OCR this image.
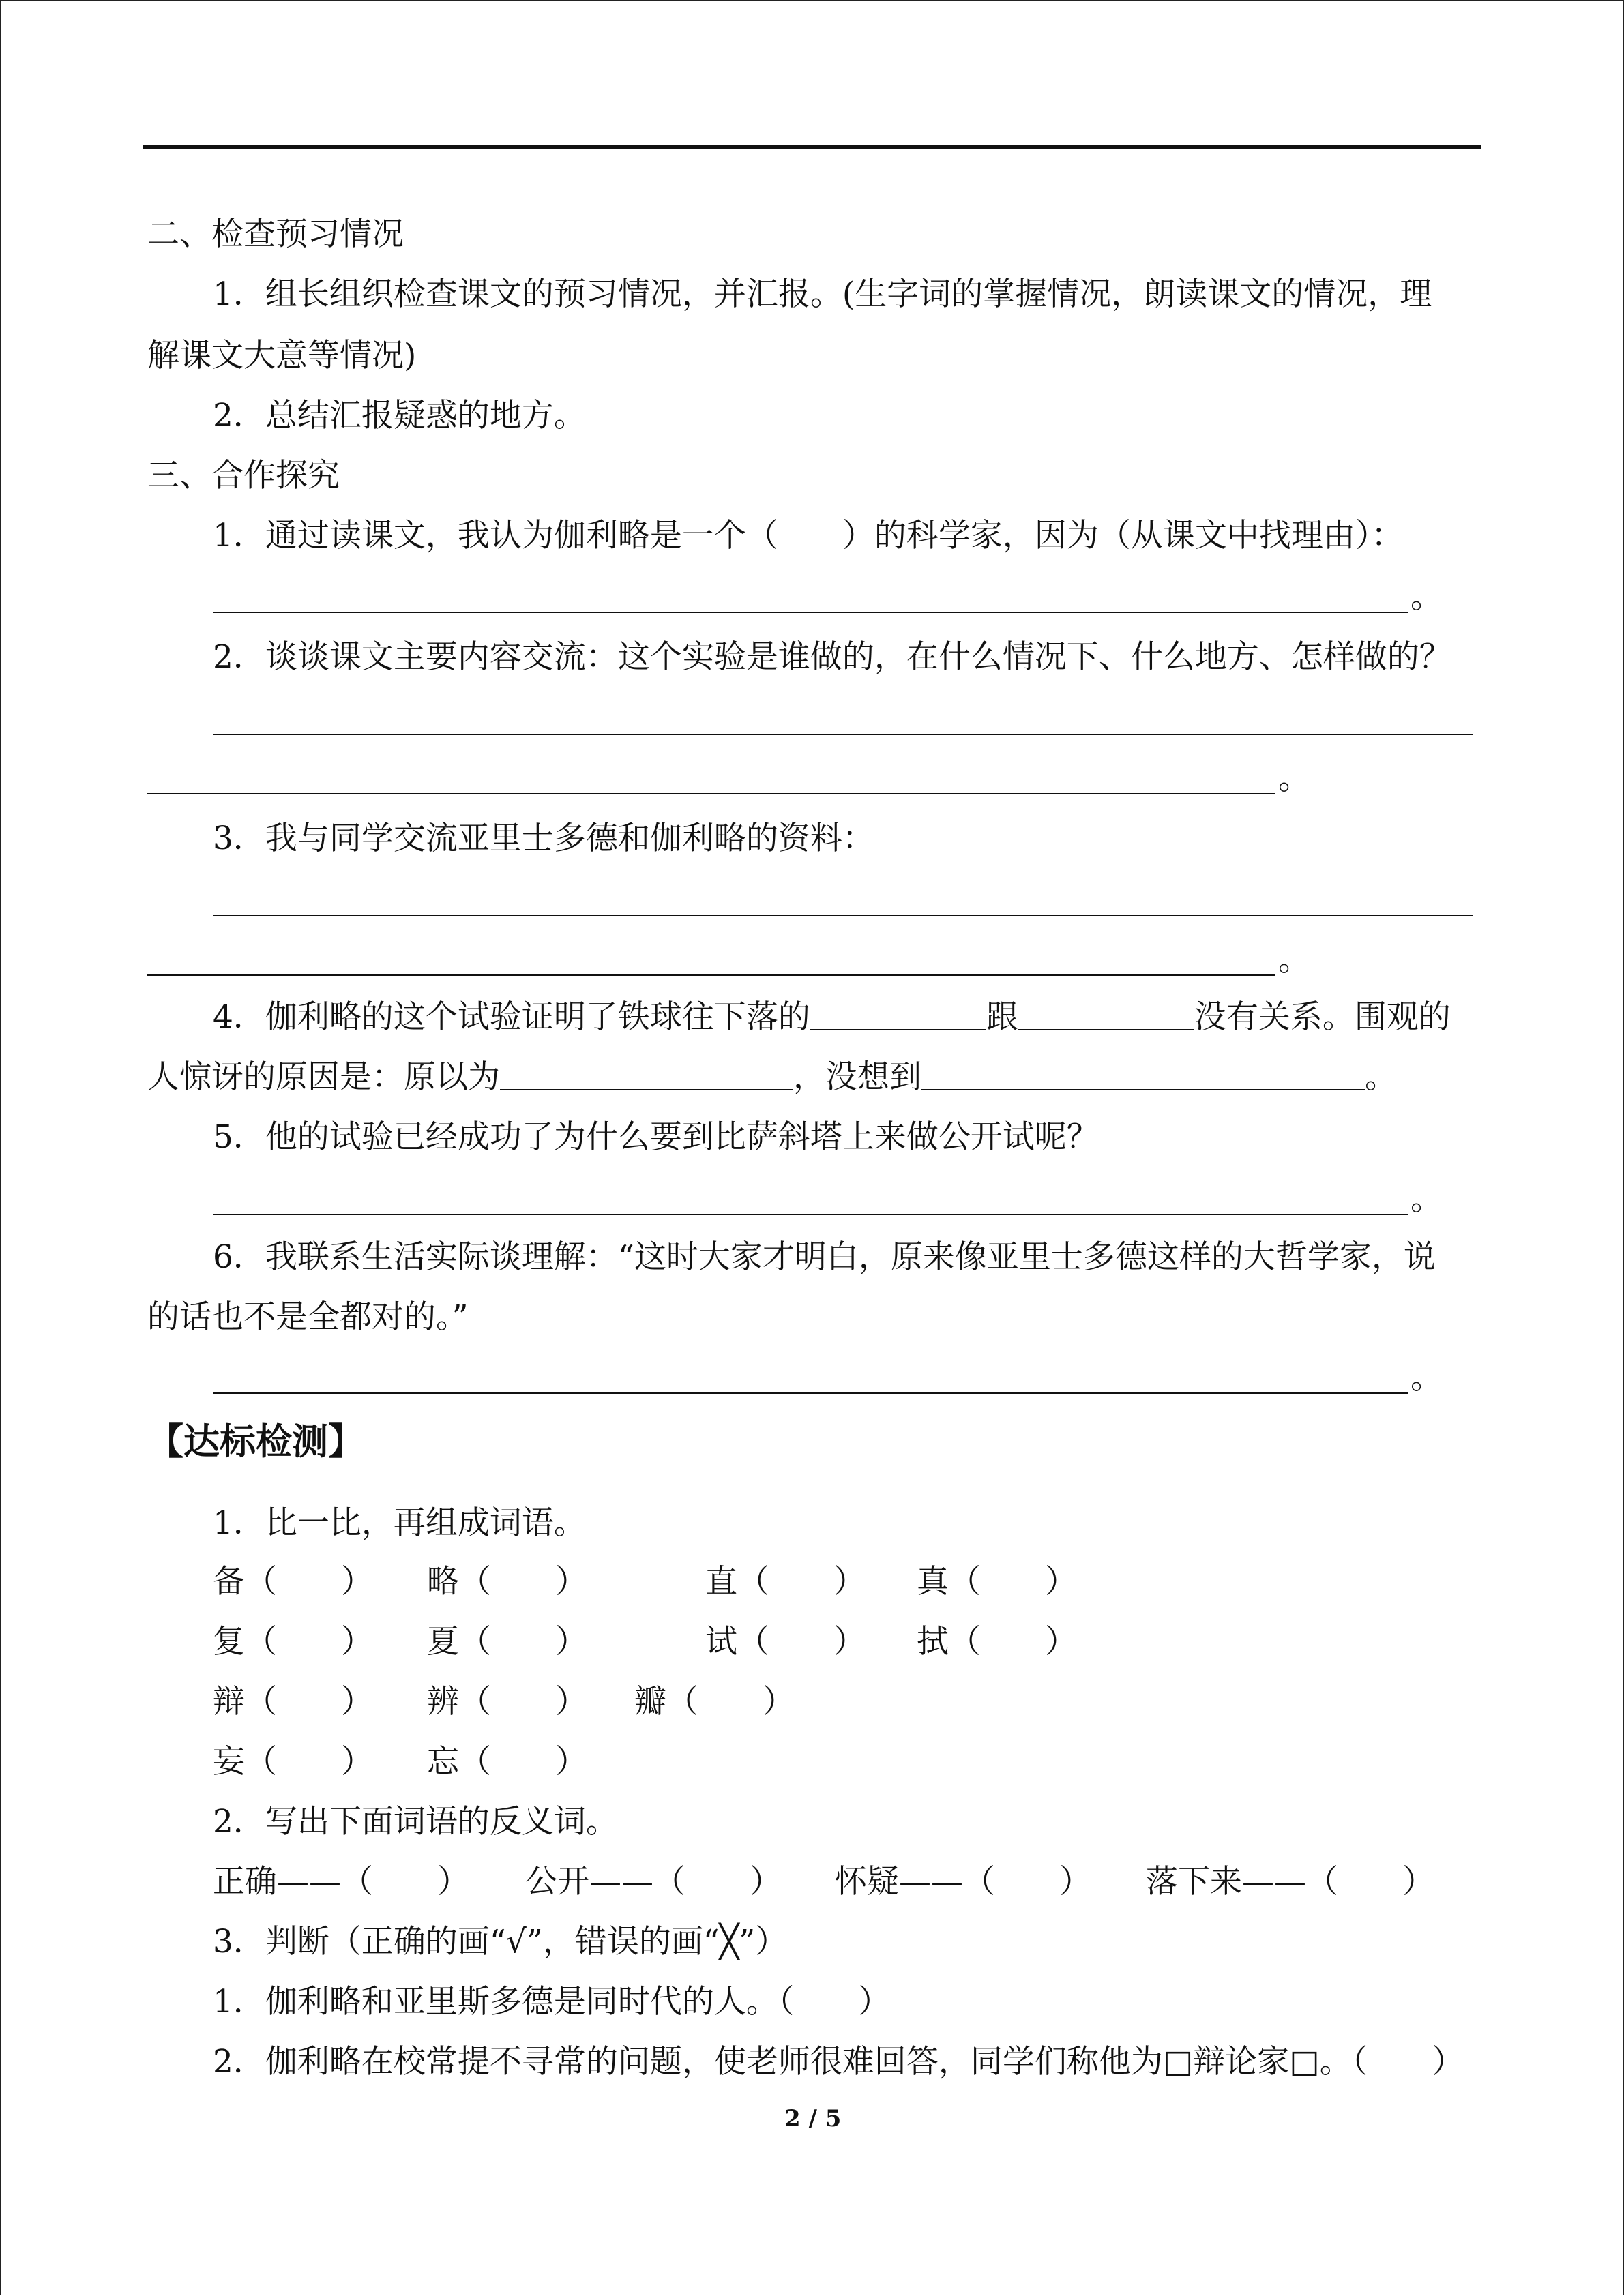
二、检查预习情况
1．组长组织检查课文的预习情况，并汇报。(生字词的掌握情况，朗读课文的情况，理
解课文大意等情况)
2．总结汇报疑惑的地方。
三、合作探究
1．通过读课文，我认为伽利略是一个（　　）的科学家，因为（从课文中找理由）：
。
2．谈谈课文主要内容交流：这个实验是谁做的，在什么情况下、什么地方、怎样做的？
。
3．我与同学交流亚里士多德和伽利略的资料：
。
4．伽利略的这个试验证明了铁球往下落的	跟	没有关系。围观的
人惊讶的原因是：原以为	，没想到	。
5．他的试验已经成功了为什么要到比萨斜塔上来做公开试呢？
。
6．我联系生活实际谈理解：“这时大家才明白，原来像亚里士多德这样的大哲学家，说
的话也不是全都对的。”
。
【达标检测】
1．比一比，再组成词语。
备（　　） 略（　　）	直（　　） 真（　　）
复（　　） 夏（　　）	试（　　） 拭（　　）
辩（　　） 辨（　　） 瓣（　　）
妄（　　） 忘（　　）
2．写出下面词语的反义词。
正确——（　　） 公开——（　　） 怀疑——（　　） 落下来——（　　）
3．判断（正确的画“√”，错误的画“╳”）
1．伽利略和亚里斯多德是同时代的人。（　　）
2．伽利略在校常提不寻常的问题，使老师很难回答，同学们称他为□辩论家□。（　　）
2 / 5
